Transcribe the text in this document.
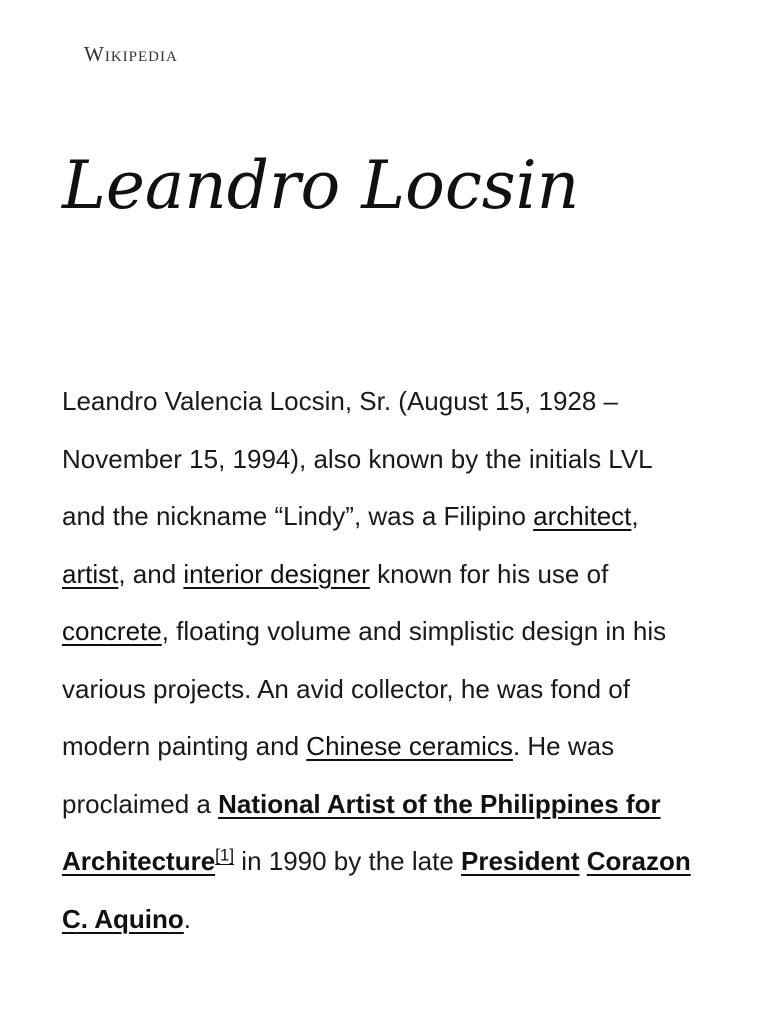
Wikipedia
Leandro Locsin

Leandro Valencia Locsin, Sr. (August 15, 1928 – November 15, 1994), also known by the initials LVL and the nickname “Lindy”, was a Filipino architect, artist, and interior designer known for his use of concrete, floating volume and simplistic design in his various projects. An avid collector, he was fond of modern painting and Chinese ceramics. He was proclaimed a National Artist of the Philippines for Architecture[1] in 1990 by the late President Corazon C. Aquino.
